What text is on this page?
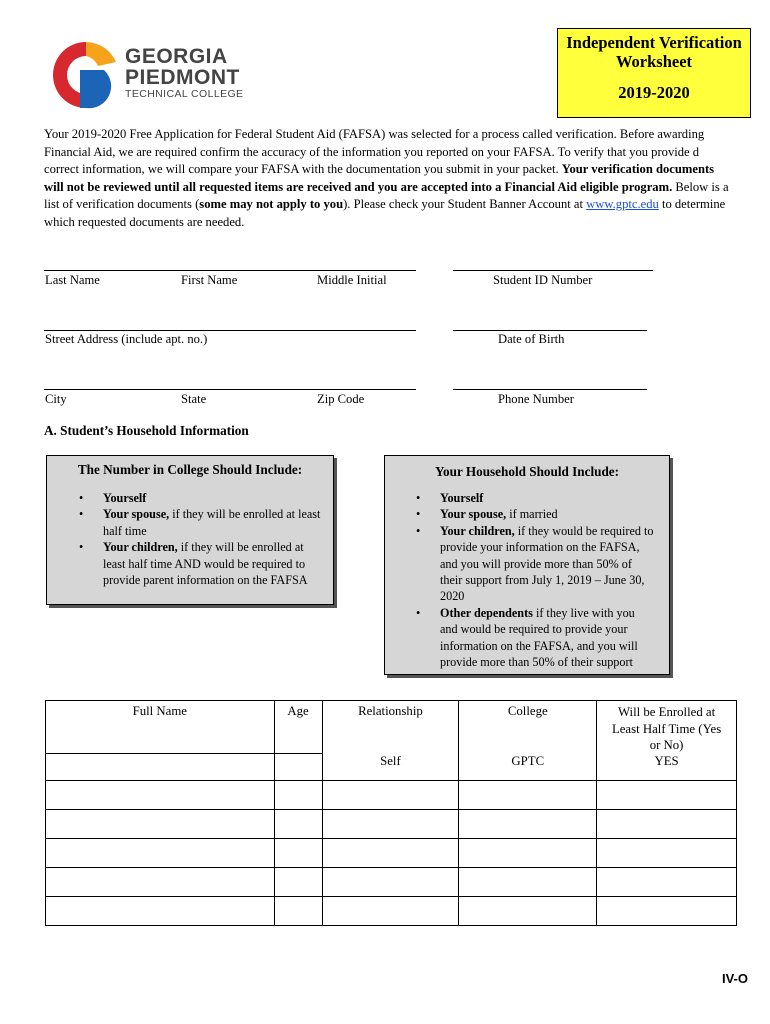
GEORGIA
PIEDMONT
TECHNICAL COLLEGE
Independent Verification
Worksheet
2019-2020
Your 2019-2020 Free Application for Federal Student Aid (FAFSA) was selected for a process called verification. Before awarding Financial Aid, we are required confirm the accuracy of the information you reported on your FAFSA. To verify that you provide d correct information, we will compare your FAFSA with the documentation you submit in your packet. Your verification documents will not be reviewed until all requested items are received and you are accepted into a Financial Aid eligible program. Below is a list of verification documents (some may not apply to you). Please check your Student Banner Account at www.gptc.edu to determine which requested documents are needed.
Last Name	First Name	Middle Initial	Student ID Number
Street Address (include apt. no.)	Date of Birth
City	State	Zip Code	Phone Number
A. Student’s Household Information
The Number in College Should Include:
• Yourself
• Your spouse, if they will be enrolled at least half time
• Your children, if they will be enrolled at least half time AND would be required to provide parent information on the FAFSA
Your Household Should Include:
• Yourself
• Your spouse, if married
• Your children, if they would be required to provide your information on the FAFSA, and you will provide more than 50% of their support from July 1, 2019 – June 30, 2020
• Other dependents if they live with you and would be required to provide your information on the FAFSA, and you will provide more than 50% of their support
Full Name	Age	Relationship	College	Will be Enrolled at Least Half Time (Yes or No)
		Self	GPTC	YES

IV-O
